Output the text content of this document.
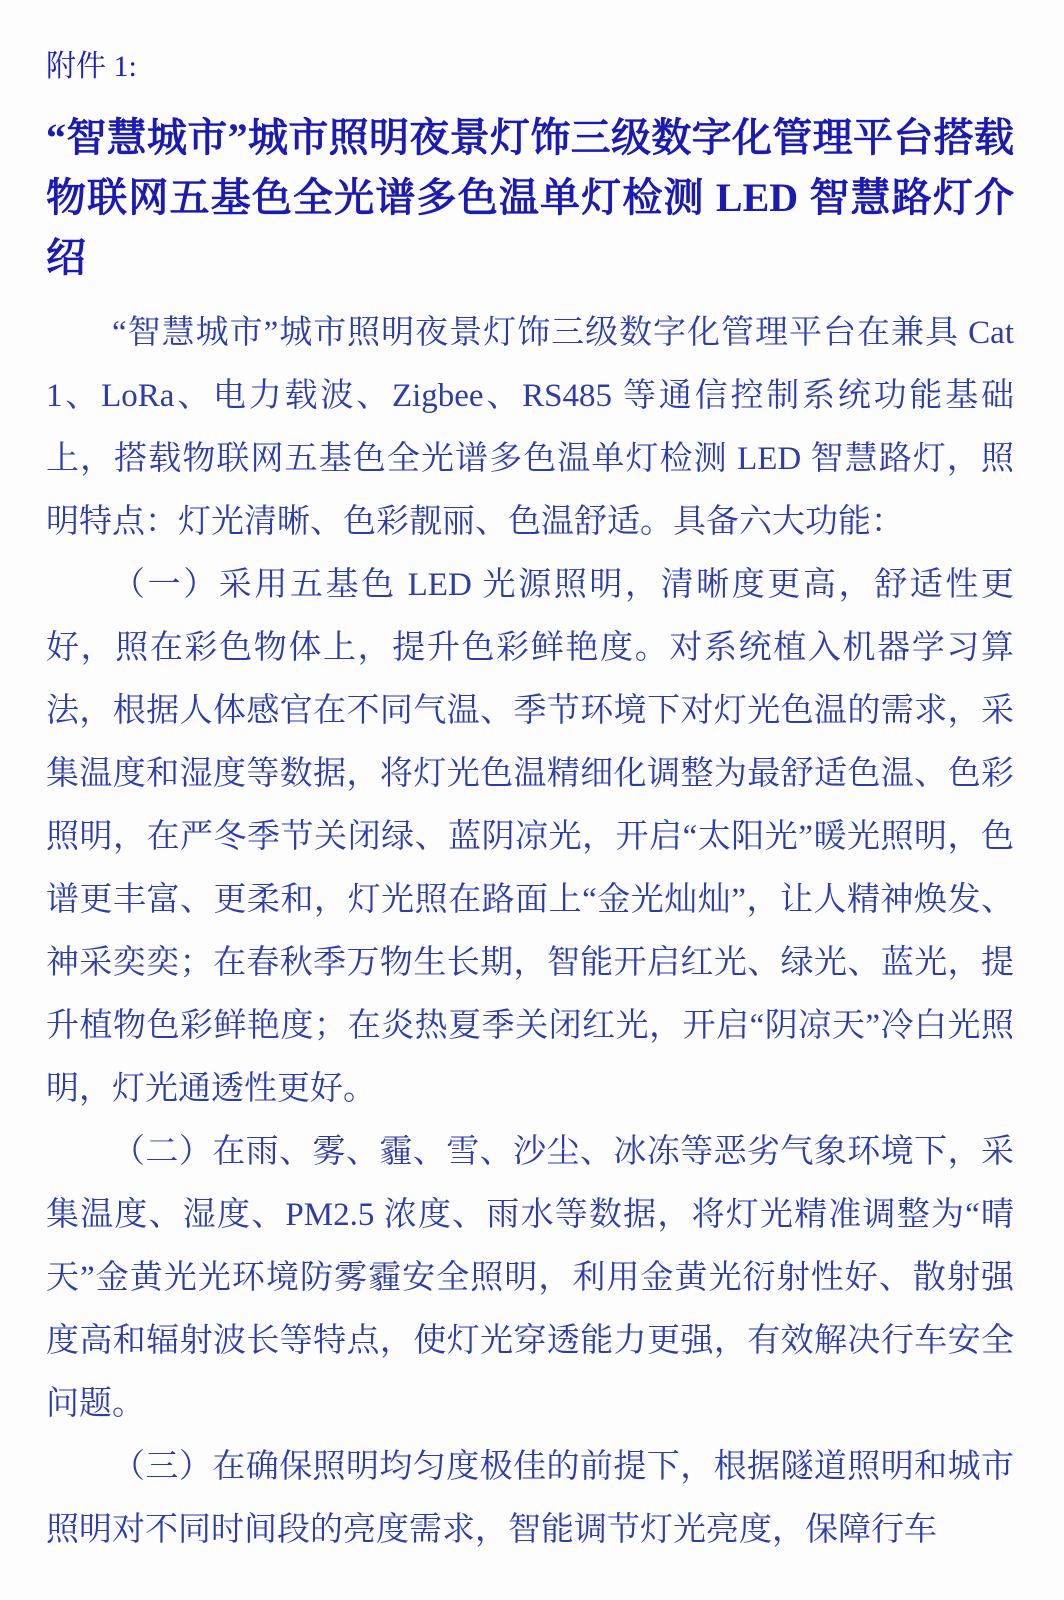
附件 1:

“智慧城市”城市照明夜景灯饰三级数字化管理平台搭载物联网五基色全光谱多色温单灯检测 LED 智慧路灯介绍

“智慧城市”城市照明夜景灯饰三级数字化管理平台在兼具 Cat1、LoRa、电力载波、Zigbee、RS485 等通信控制系统功能基础上，搭载物联网五基色全光谱多色温单灯检测 LED 智慧路灯，照明特点：灯光清晰、色彩靓丽、色温舒适。具备六大功能：

（一）采用五基色 LED 光源照明，清晰度更高，舒适性更好，照在彩色物体上，提升色彩鲜艳度。对系统植入机器学习算法，根据人体感官在不同气温、季节环境下对灯光色温的需求，采集温度和湿度等数据，将灯光色温精细化调整为最舒适色温、色彩照明，在严冬季节关闭绿、蓝阴凉光，开启“太阳光”暖光照明，色谱更丰富、更柔和，灯光照在路面上“金光灿灿”，让人精神焕发、神采奕奕；在春秋季万物生长期，智能开启红光、绿光、蓝光，提升植物色彩鲜艳度；在炎热夏季关闭红光，开启“阴凉天”冷白光照明，灯光通透性更好。

（二）在雨、雾、霾、雪、沙尘、冰冻等恶劣气象环境下，采集温度、湿度、PM2.5 浓度、雨水等数据，将灯光精准调整为“晴天”金黄光光环境防雾霾安全照明，利用金黄光衍射性好、散射强度高和辐射波长等特点，使灯光穿透能力更强，有效解决行车安全问题。

（三）在确保照明均匀度极佳的前提下，根据隧道照明和城市照明对不同时间段的亮度需求，智能调节灯光亮度，保障行车
